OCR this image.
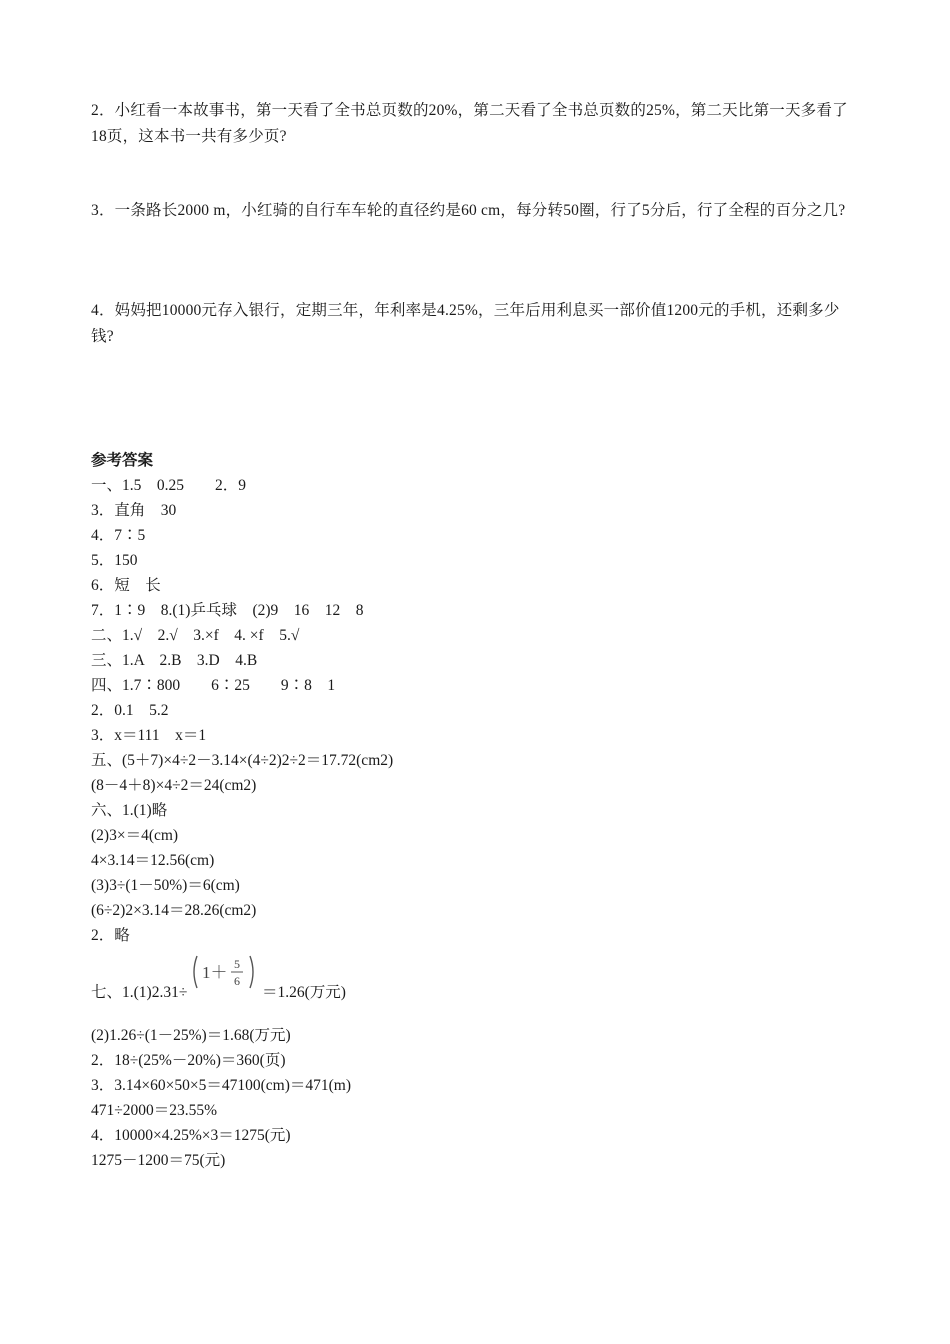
2．小红看一本故事书，第一天看了全书总页数的20%，第二天看了全书总页数的25%，第二天比第一天多看了18页，这本书一共有多少页?
3．一条路长2000 m，小红骑的自行车车轮的直径约是60 cm，每分转50圈，行了5分后，行了全程的百分之几?
4．妈妈把10000元存入银行，定期三年，年利率是4.25%，三年后用利息买一部价值1200元的手机，还剩多少钱?
参考答案
一、1.5    0.25        2．9
3．直角    30
4．7∶5
5．150
6．短    长
7．1∶9    8.(1)乒乓球    (2)9    16    12    8
二、1.√    2.√    3.×f    4. ×f    5.√
三、1.A    2.B    3.D    4.B
四、1.7∶800        6∶25        9∶8    1
2．0.1    5.2
3．x＝111    x＝1
五、(5＋7)×4÷2－3.14×(4÷2)2÷2＝17.72(cm2)
(8－4＋8)×4÷2＝24(cm2)
六、1.(1)略
(2)3×＝4(cm)
4×3.14＝12.56(cm)
(3)3÷(1－50%)＝6(cm)
(6÷2)2×3.14＝28.26(cm2)
2．略
七、1.(1)2.31÷
1＋ 5
6
＝1.26(万元)
(2)1.26÷(1－25%)＝1.68(万元)
2．18÷(25%－20%)＝360(页)
3．3.14×60×50×5＝47100(cm)＝471(m)
471÷2000＝23.55%
4．10000×4.25%×3＝1275(元)
1275－1200＝75(元)
